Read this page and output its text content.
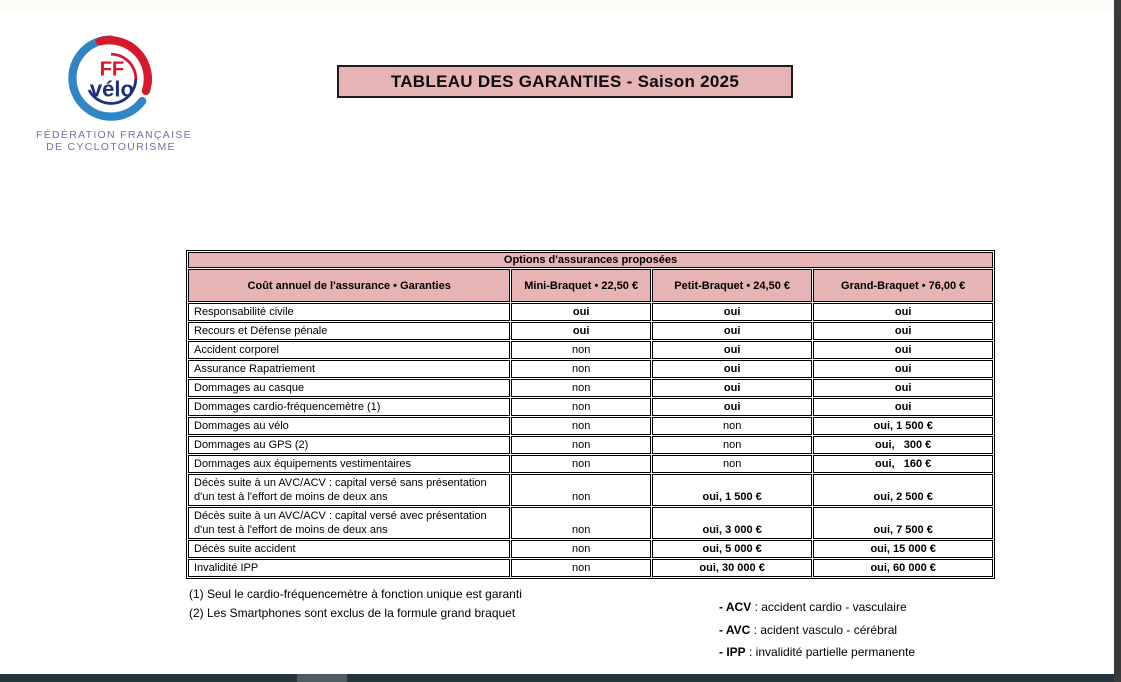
FF
vélo
FÉDÉRATION FRANÇAISE
DE CYCLOTOURISME
TABLEAU DES GARANTIES - Saison 2025
Options d'assurances proposées			
Coût annuel de l'assurance • Garanties	Mini-Braquet • 22,50 €	Petit-Braquet • 24,50 €	Grand-Braquet • 76,00 €
Responsabilité civile	oui	oui	oui
Recours et Défense pénale	oui	oui	oui
Accident corporel	non	oui	oui
Assurance Rapatriement	non	oui	oui
Dommages au casque	non	oui	oui
Dommages cardio-fréquencemètre (1)	non	oui	oui
Dommages au vélo	non	non	oui, 1 500 €
Dommages au GPS (2)	non	non	oui,   300 €
Dommages aux équipements vestimentaires	non	non	oui,   160 €
Décès suite à un AVC/ACV : capital versé sans présentation d'un test à l'effort de moins de deux ans	non	oui, 1 500 €	oui, 2 500 €
Décès suite à un AVC/ACV : capital versé avec présentation d'un test à l'effort de moins de deux ans	non	oui, 3 000 €	oui, 7 500 €
Décès suite accident	non	oui, 5 000 €	oui, 15 000 €
Invalidité IPP	non	oui, 30 000 €	oui, 60 000 €
(1) Seul le cardio-fréquencemètre à fonction unique est garanti
(2) Les Smartphones sont exclus de la formule grand braquet	- ACV : accident cardio - vasculaire
- AVC : acident vasculo - cérébral
- IPP : invalidité partielle permanente
